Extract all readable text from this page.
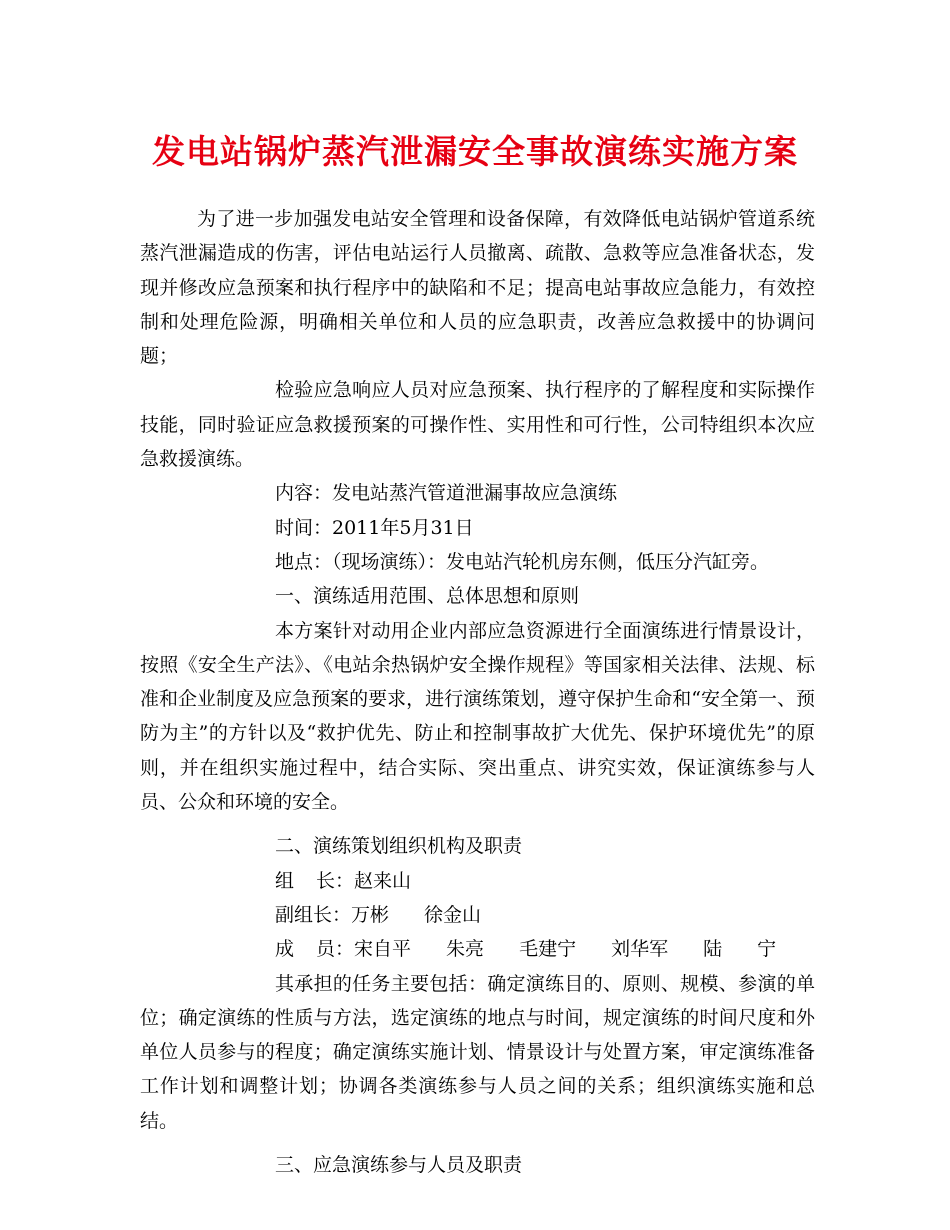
发电站锅炉蒸汽泄漏安全事故演练实施方案

为了进一步加强发电站安全管理和设备保障，有效降低电站锅炉管道系统蒸汽泄漏造成的伤害，评估电站运行人员撤离、疏散、急救等应急准备状态，发现并修改应急预案和执行程序中的缺陷和不足；提高电站事故应急能力，有效控制和处理危险源，明确相关单位和人员的应急职责，改善应急救援中的协调问题；

检验应急响应人员对应急预案、执行程序的了解程度和实际操作技能，同时验证应急救援预案的可操作性、实用性和可行性，公司特组织本次应急救援演练。

内容：发电站蒸汽管道泄漏事故应急演练

时间：2011年5月31日

地点：（现场演练）：发电站汽轮机房东侧，低压分汽缸旁。

一、演练适用范围、总体思想和原则

本方案针对动用企业内部应急资源进行全面演练进行情景设计，按照《安全生产法》、《电站余热锅炉安全操作规程》等国家相关法律、法规、标准和企业制度及应急预案的要求，进行演练策划，遵守保护生命和“安全第一、预防为主”的方针以及“救护优先、防止和控制事故扩大优先、保护环境优先”的原则，并在组织实施过程中，结合实际、突出重点、讲究实效，保证演练参与人员、公众和环境的安全。

二、演练策划组织机构及职责

组 长：赵来山

副组长：万彬 徐金山

成 员：宋自平 朱亮 毛建宁 刘华军 陆 宁

其承担的任务主要包括：确定演练目的、原则、规模、参演的单位；确定演练的性质与方法，选定演练的地点与时间，规定演练的时间尺度和外单位人员参与的程度；确定演练实施计划、情景设计与处置方案，审定演练准备工作计划和调整计划；协调各类演练参与人员之间的关系；组织演练实施和总结。

三、应急演练参与人员及职责
